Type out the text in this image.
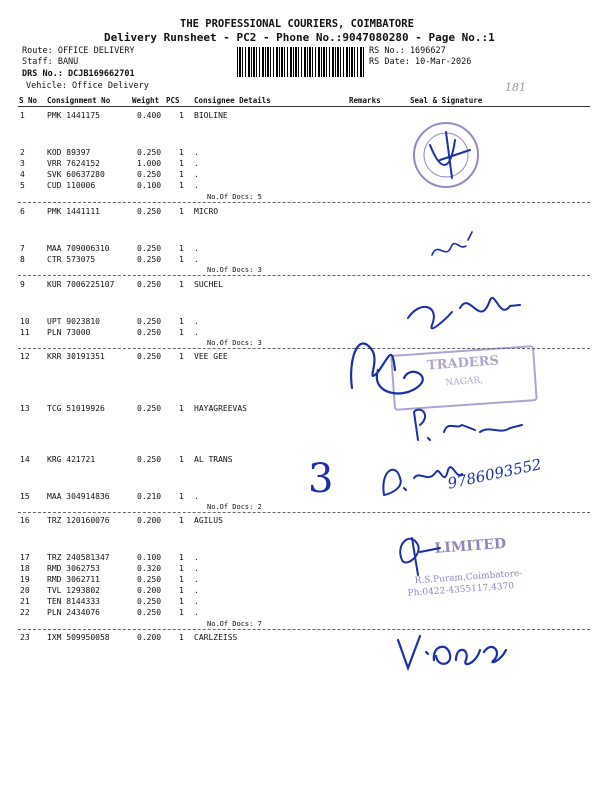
THE PROFESSIONAL COURIERS, COIMBATORE
Delivery Runsheet - PC2 - Phone No.:9047080280 - Page No.:1
Route: OFFICE DELIVERY
Staff: BANU
DRS No.: DCJB169662701
Vehicle: Office Delivery
RS No.: 1696627
RS Date: 10-Mar-2026
S No Consignment No	Weight PCS Consignee Details	Remarks	Seal & Signature
1	PMK 1441175	0.400 1 BIOLINE
2	KOD 89397	0.250 1 .
3	VRR 7624152	1.000 1 .
4	SVK 60637280	0.250 1 .
5	CUD 110006	0.100 1 .
No.Of Docs: 5
6	PMK 1441111	0.250 1 MICRO
7	MAA 709006310	0.250 1 .
8	CTR 573075	0.250 1 .
No.Of Docs: 3
9	KUR 7006225107	0.250 1 SUCHEL
10 UPT 9023810	0.250 1 .
11 PLN 73000	0.250 1 .
No.Of Docs: 3
12 KRR 30191351	0.250 1 VEE GEE
13 TCG 51019926	0.250 1 HAYAGREEVAS
14 KRG 421721	0.250 1 AL TRANS
15 MAA 304914836	0.210 1 .
No.Of Docs: 2
16 TRZ 120160076	0.200 1 AGILUS
17 TRZ 240581347	0.100 1 .
18 RMD 3062753	0.320 1 .
19 RMD 3062711	0.250 1 .
20 TVL 1293802	0.200 1 .
21 TEN 8144333	0.250 1 .
22 PLN 2434076	0.250 1 .
No.Of Docs: 7
23 IXM 509950058	0.200 1 CARLZEISS
181
3	9786093552
TRADERS
NAGAR,
LIMITED
R.S.Puram,Coimbatore-
Ph:0422-4355117,4370
